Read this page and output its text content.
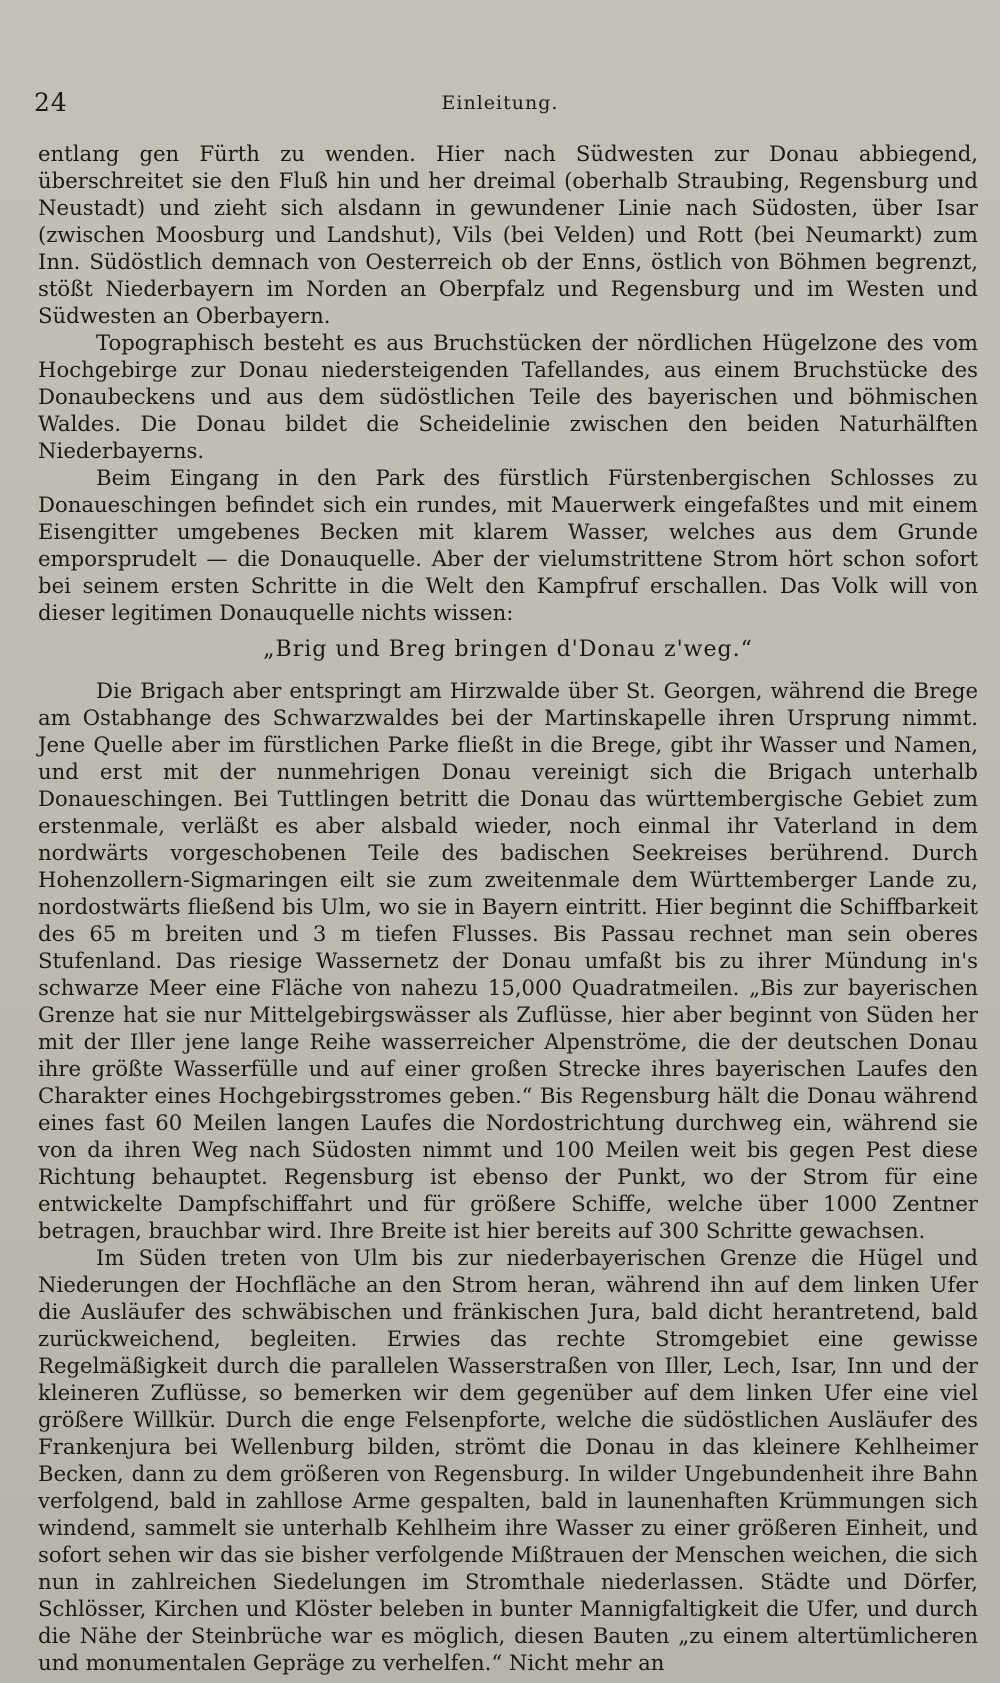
24	Einleitung.

entlang gen Fürth zu wenden. Hier nach Südwesten zur Donau abbiegend, überschreitet sie den Fluß hin und her dreimal (oberhalb Straubing, Regensburg und Neustadt) und zieht sich alsdann in gewundener Linie nach Südosten, über Isar (zwischen Moosburg und Landshut), Vils (bei Velden) und Rott (bei Neumarkt) zum Inn. Südöstlich demnach von Oesterreich ob der Enns, östlich von Böhmen begrenzt, stößt Niederbayern im Norden an Oberpfalz und Regensburg und im Westen und Südwesten an Oberbayern.

Topographisch besteht es aus Bruchstücken der nördlichen Hügelzone des vom Hochgebirge zur Donau niedersteigenden Tafellandes, aus einem Bruchstücke des Donaubeckens und aus dem südöstlichen Teile des bayerischen und böhmischen Waldes. Die Donau bildet die Scheidelinie zwischen den beiden Naturhälften Niederbayerns.

Beim Eingang in den Park des fürstlich Fürstenbergischen Schlosses zu Donaueschingen befindet sich ein rundes, mit Mauerwerk eingefaßtes und mit einem Eisengitter umgebenes Becken mit klarem Wasser, welches aus dem Grunde emporsprudelt — die Donauquelle. Aber der vielumstrittene Strom hört schon sofort bei seinem ersten Schritte in die Welt den Kampfruf erschallen. Das Volk will von dieser legitimen Donauquelle nichts wissen:

„Brig und Breg bringen d'Donau z'weg.“

Die Brigach aber entspringt am Hirzwalde über St. Georgen, während die Brege am Ostabhange des Schwarzwaldes bei der Martinskapelle ihren Ursprung nimmt. Jene Quelle aber im fürstlichen Parke fließt in die Brege, gibt ihr Wasser und Namen, und erst mit der nunmehrigen Donau vereinigt sich die Brigach unterhalb Donaueschingen. Bei Tuttlingen betritt die Donau das württembergische Gebiet zum erstenmale, verläßt es aber alsbald wieder, noch einmal ihr Vaterland in dem nordwärts vorgeschobenen Teile des badischen Seekreises berührend. Durch Hohenzollern-Sigmaringen eilt sie zum zweitenmale dem Württemberger Lande zu, nordostwärts fließend bis Ulm, wo sie in Bayern eintritt. Hier beginnt die Schiffbarkeit des 65 m breiten und 3 m tiefen Flusses. Bis Passau rechnet man sein oberes Stufenland. Das riesige Wassernetz der Donau umfaßt bis zu ihrer Mündung in's schwarze Meer eine Fläche von nahezu 15,000 Quadratmeilen. „Bis zur bayerischen Grenze hat sie nur Mittelgebirgswässer als Zuflüsse, hier aber beginnt von Süden her mit der Iller jene lange Reihe wasserreicher Alpenströme, die der deutschen Donau ihre größte Wasserfülle und auf einer großen Strecke ihres bayerischen Laufes den Charakter eines Hochgebirgsstromes geben.“ Bis Regensburg hält die Donau während eines fast 60 Meilen langen Laufes die Nordostrichtung durchweg ein, während sie von da ihren Weg nach Südosten nimmt und 100 Meilen weit bis gegen Pest diese Richtung behauptet. Regensburg ist ebenso der Punkt, wo der Strom für eine entwickelte Dampfschiffahrt und für größere Schiffe, welche über 1000 Zentner betragen, brauchbar wird. Ihre Breite ist hier bereits auf 300 Schritte gewachsen.

Im Süden treten von Ulm bis zur niederbayerischen Grenze die Hügel und Niederungen der Hochfläche an den Strom heran, während ihn auf dem linken Ufer die Ausläufer des schwäbischen und fränkischen Jura, bald dicht herantretend, bald zurückweichend, begleiten. Erwies das rechte Stromgebiet eine gewisse Regelmäßigkeit durch die parallelen Wasserstraßen von Iller, Lech, Isar, Inn und der kleineren Zuflüsse, so bemerken wir dem gegenüber auf dem linken Ufer eine viel größere Willkür. Durch die enge Felsenpforte, welche die südöstlichen Ausläufer des Frankenjura bei Wellenburg bilden, strömt die Donau in das kleinere Kehlheimer Becken, dann zu dem größeren von Regensburg. In wilder Ungebundenheit ihre Bahn verfolgend, bald in zahllose Arme gespalten, bald in launenhaften Krümmungen sich windend, sammelt sie unterhalb Kehlheim ihre Wasser zu einer größeren Einheit, und sofort sehen wir das sie bisher verfolgende Mißtrauen der Menschen weichen, die sich nun in zahlreichen Siedelungen im Stromthale niederlassen. Städte und Dörfer, Schlösser, Kirchen und Klöster beleben in bunter Mannigfaltigkeit die Ufer, und durch die Nähe der Steinbrüche war es möglich, diesen Bauten „zu einem altertümlicheren und monumentalen Gepräge zu verhelfen.“ Nicht mehr an
